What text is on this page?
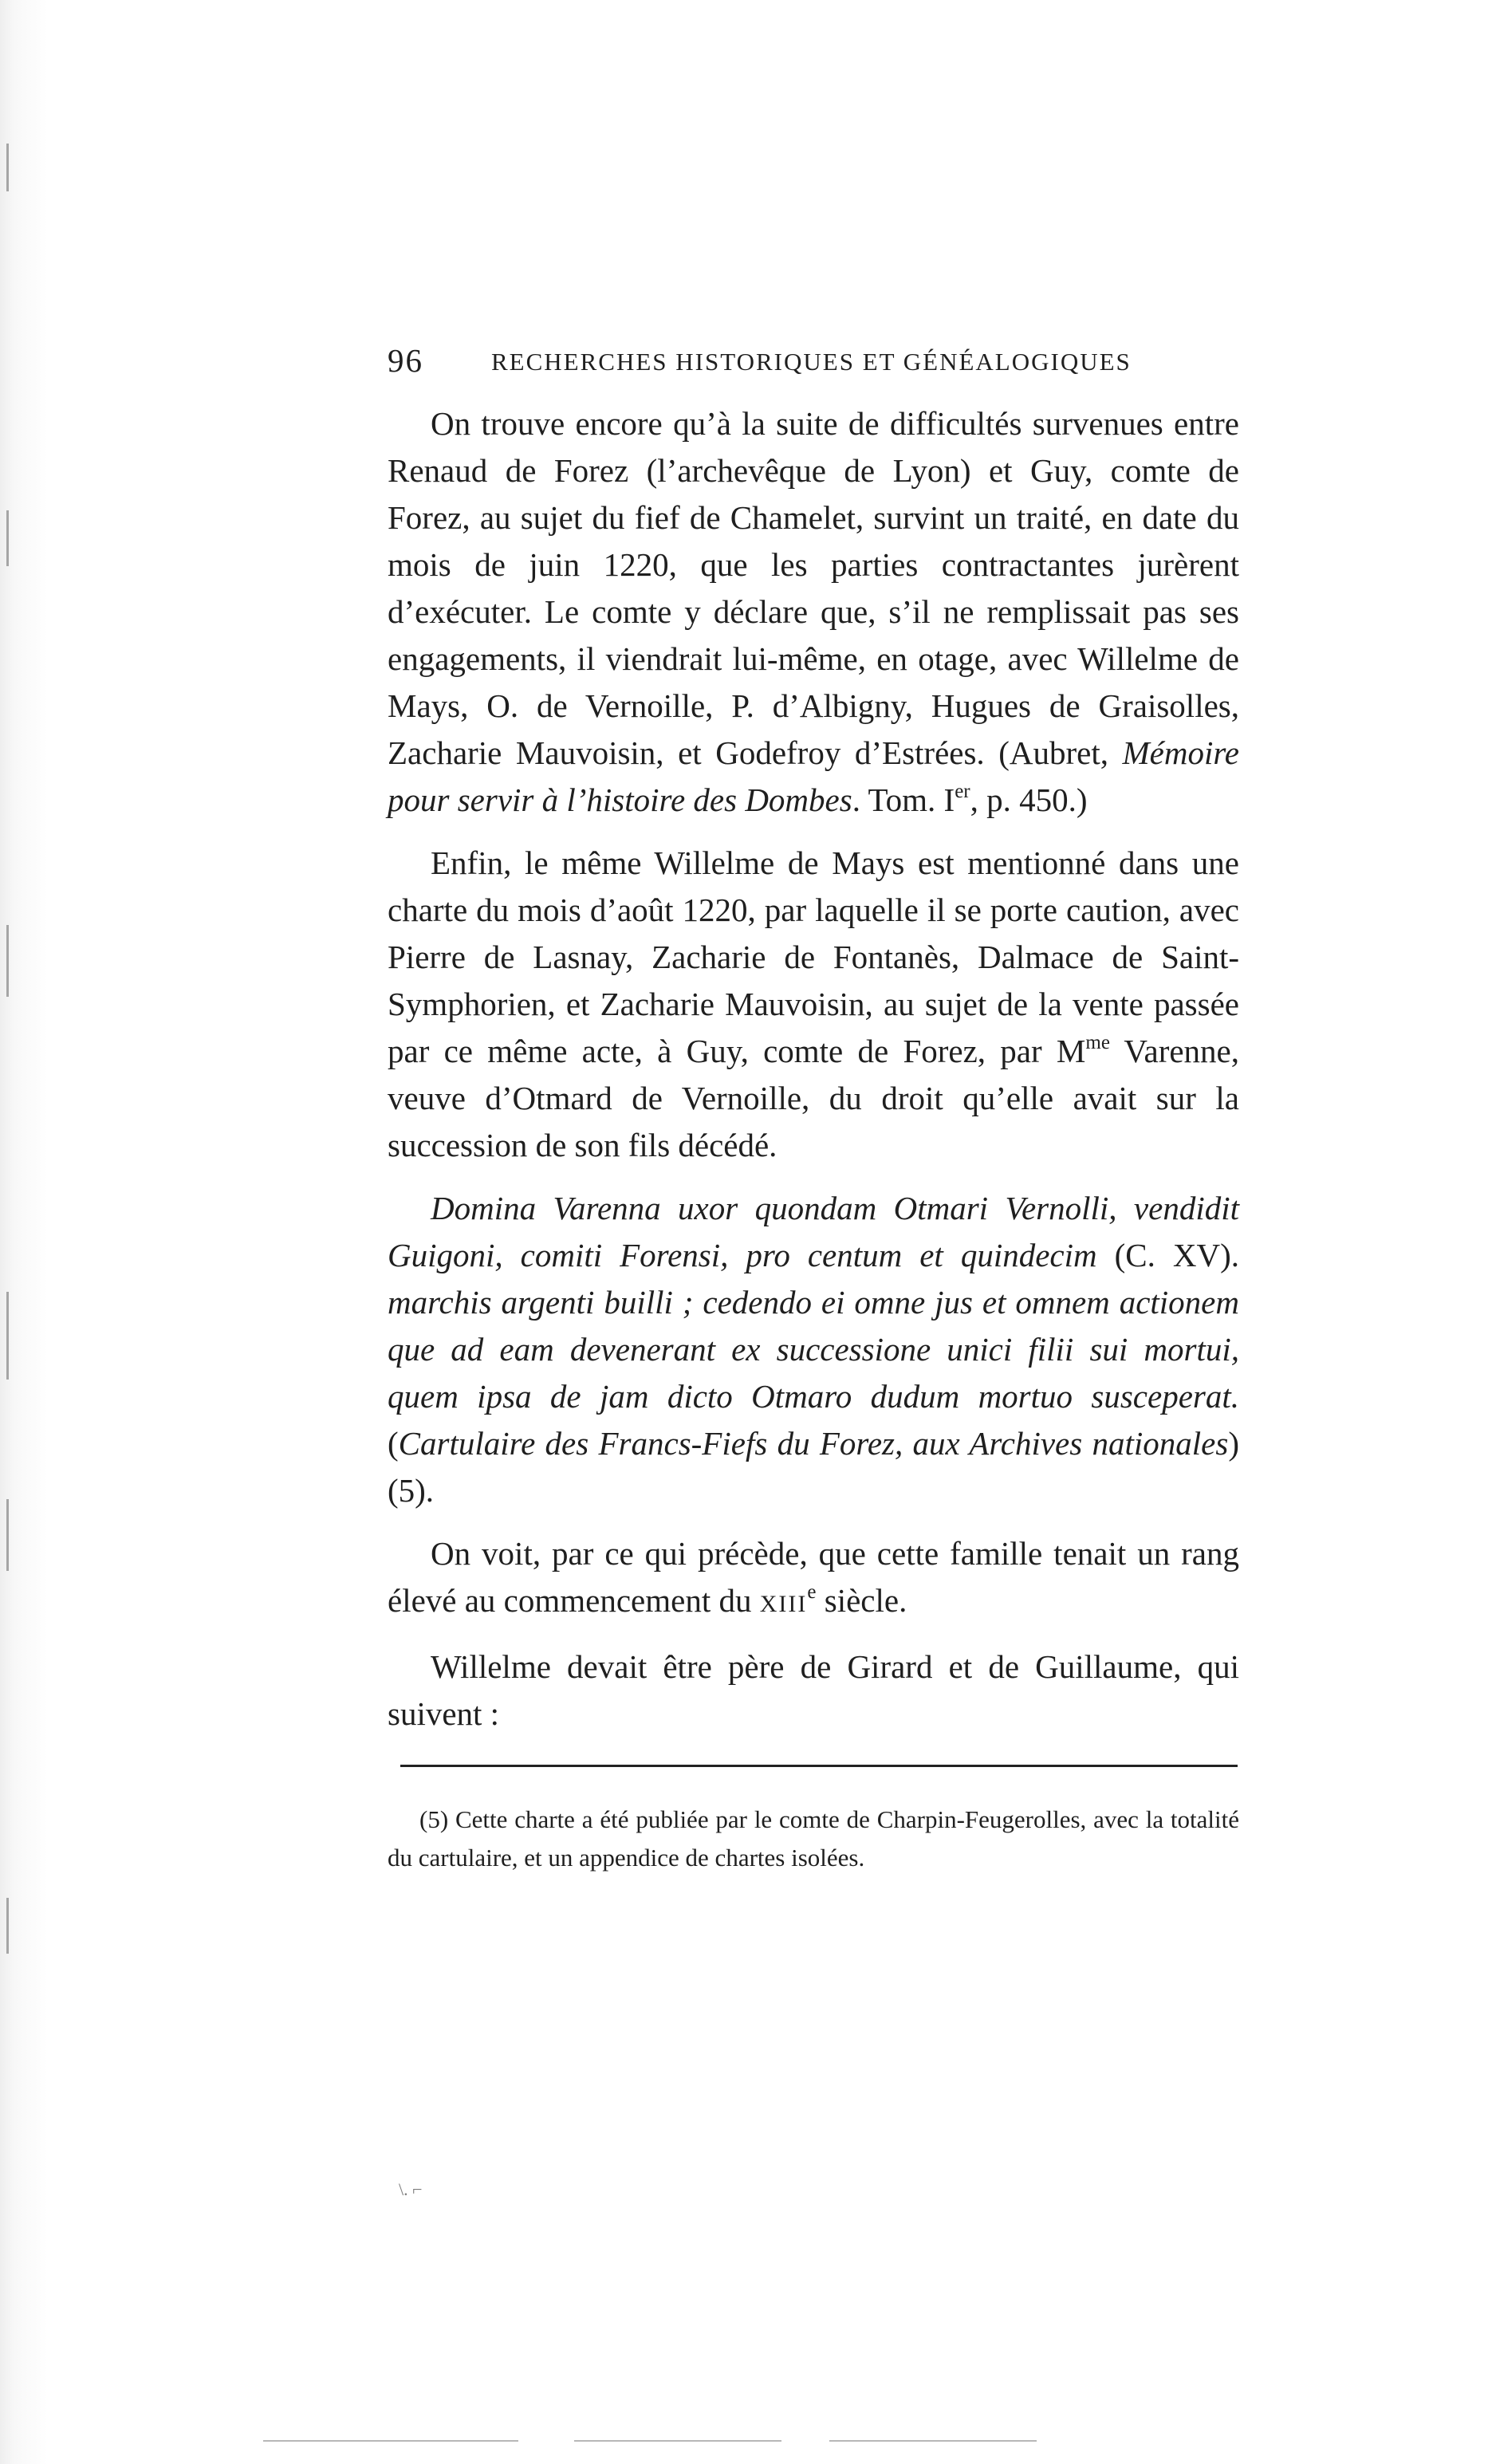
96	RECHERCHES HISTORIQUES ET GÉNÉALOGIQUES

On trouve encore qu’à la suite de difficultés survenues entre Renaud de Forez (l’archevêque de Lyon) et Guy, comte de Forez, au sujet du fief de Chamelet, survint un traité, en date du mois de juin 1220, que les parties contractantes jurèrent d’exécuter. Le comte y déclare que, s’il ne remplissait pas ses engagements, il viendrait lui-même, en otage, avec Willelme de Mays, O. de Vernoille, P. d’Albigny, Hugues de Graisolles, Zacharie Mauvoisin, et Godefroy d’Estrées. (Aubret, Mémoire pour servir à l’histoire des Dombes. Tom. Ier, p. 450.)

Enfin, le même Willelme de Mays est mentionné dans une charte du mois d’août 1220, par laquelle il se porte caution, avec Pierre de Lasnay, Zacharie de Fontanès, Dalmace de Saint-Symphorien, et Zacharie Mauvoisin, au sujet de la vente passée par ce même acte, à Guy, comte de Forez, par $M^{me}$ Varenne, veuve d’Otmard de Vernoille, du droit qu’elle avait sur la succession de son fils décédé.

Domina Varenna uxor quondam Otmari Vernolli, vendidit Guigoni, comiti Forensi, pro centum et quindecim (C. XV). marchis argenti builli ; cedendo ei omne jus et omnem actionem que ad eam devenerant ex successione unici filii sui mortui, quem ipsa de jam dicto Otmaro dudum mortuo susceperat. (Cartulaire des Francs-Fiefs du Forez, aux Archives nationales) (5).

On voit, par ce qui précède, que cette famille tenait un rang élevé au commencement du XIIIe siècle.

Willelme devait être père de Girard et de Guillaume, qui suivent :

(5) Cette charte a été publiée par le comte de Charpin-Feugerolles, avec la totalité du cartulaire, et un appendice de chartes isolées.
\. ⌐
